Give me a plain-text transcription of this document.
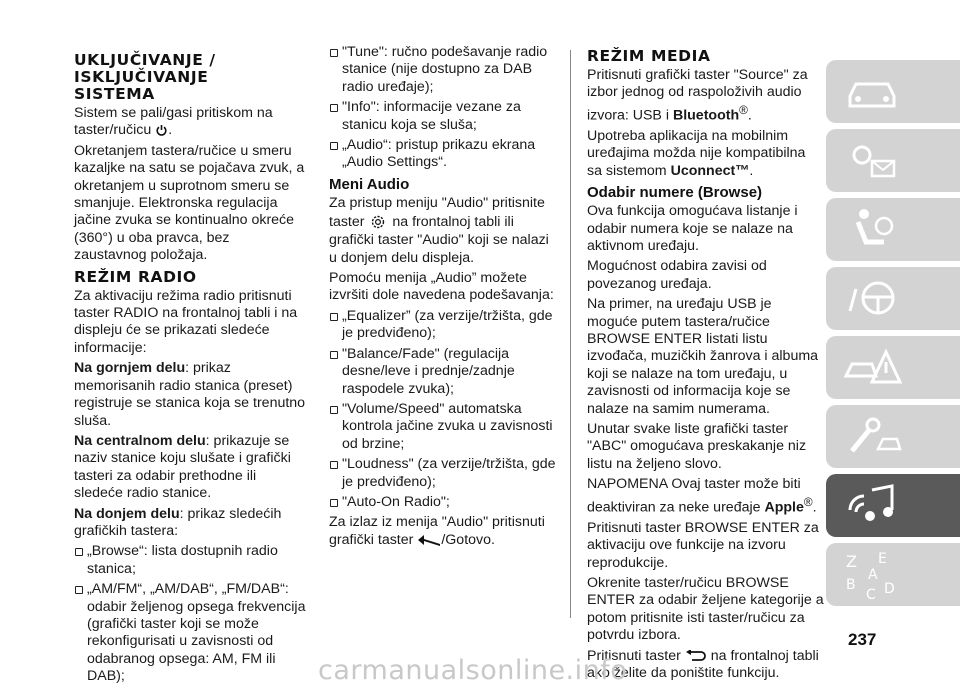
UKLJUČIVANJE / ISKLJUČIVANJE SISTEMA

Sistem se pali/gasi pritiskom na taster/ručicu .

Okretanjem tastera/ručice u smeru kazaljke na satu se pojačava zvuk, a okretanjem u suprotnom smeru se smanjuje. Elektronska regulacija jačine zvuka se kontinualno okreće (360°) u oba pravca, bez zaustavnog položaja.

REŽIM RADIO

Za aktivaciju režima radio pritisnuti taster RADIO na frontalnoj tabli i na displeju će se prikazati sledeće informacije:

Na gornjem delu: prikaz memorisanih radio stanica (preset) registruje se stanica koja se trenutno sluša.

Na centralnom delu: prikazuje se naziv stanice koju slušate i grafički tasteri za odabir prethodne ili sledeće radio stanice.

Na donjem delu: prikaz sledećih grafičkih tastera:

„Browse“: lista dostupnih radio stanica;

„AM/FM“, „AM/DAB“, „FM/DAB“: odabir željenog opsega frekvencija (grafički taster koji se može rekonfigurisati u zavisnosti od odabranog opsega: AM, FM ili DAB);

"Tune": ručno podešavanje radio stanice (nije dostupno za DAB radio uređaje);

"Info": informacije vezane za stanicu koja se sluša;

„Audio“: pristup prikazu ekrana „Audio Settings“.

Meni Audio

Za pristup meniju "Audio" pritisnite taster na frontalnoj tabli ili grafički taster "Audio" koji se nalazi u donjem delu displeja.

Pomoću menija „Audio” možete izvršiti dole navedena podešavanja:

„Equalizer” (za verzije/tržišta, gde je predviđeno);

"Balance/Fade" (regulacija desne/leve i prednje/zadnje raspodele zvuka);

"Volume/Speed" automatska kontrola jačine zvuka u zavisnosti od brzine;

"Loudness" (za verzije/tržišta, gde je predviđeno);

"Auto-On Radio";

Za izlaz iz menija "Audio" pritisnuti grafički taster /Gotovo.

REŽIM MEDIA

Pritisnuti grafički taster "Source" za izbor jednog od raspoloživih audio izvora: USB i Bluetooth®.

Upotreba aplikacija na mobilnim uređajima možda nije kompatibilna sa sistemom Uconnect™.

Odabir numere (Browse)

Ova funkcija omogućava listanje i odabir numera koje se nalaze na aktivnom uređaju.

Mogućnost odabira zavisi od povezanog uređaja.

Na primer, na uređaju USB je moguće putem tastera/ručice BROWSE ENTER listati listu izvođača, muzičkih žanrova i albuma koji se nalaze na tom uređaju, u zavisnosti od informacija koje se nalaze na samim numerama.

Unutar svake liste grafički taster "ABC" omogućava preskakanje niz listu na željeno slovo.

NAPOMENA Ovaj taster može biti deaktiviran za neke uređaje Apple®.

Pritisnuti taster BROWSE ENTER za aktivaciju ove funkcije na izvoru reprodukcije.

Okrenite taster/ručicu BROWSE ENTER za odabir željene kategorije a potom pritisnite isti taster/ručicu za potvrdu izbora.

Pritisnuti taster na frontalnoj tabli ako želite da poništite funkciju.

Z E
B
C D
A
237
carmanualsonline.info
